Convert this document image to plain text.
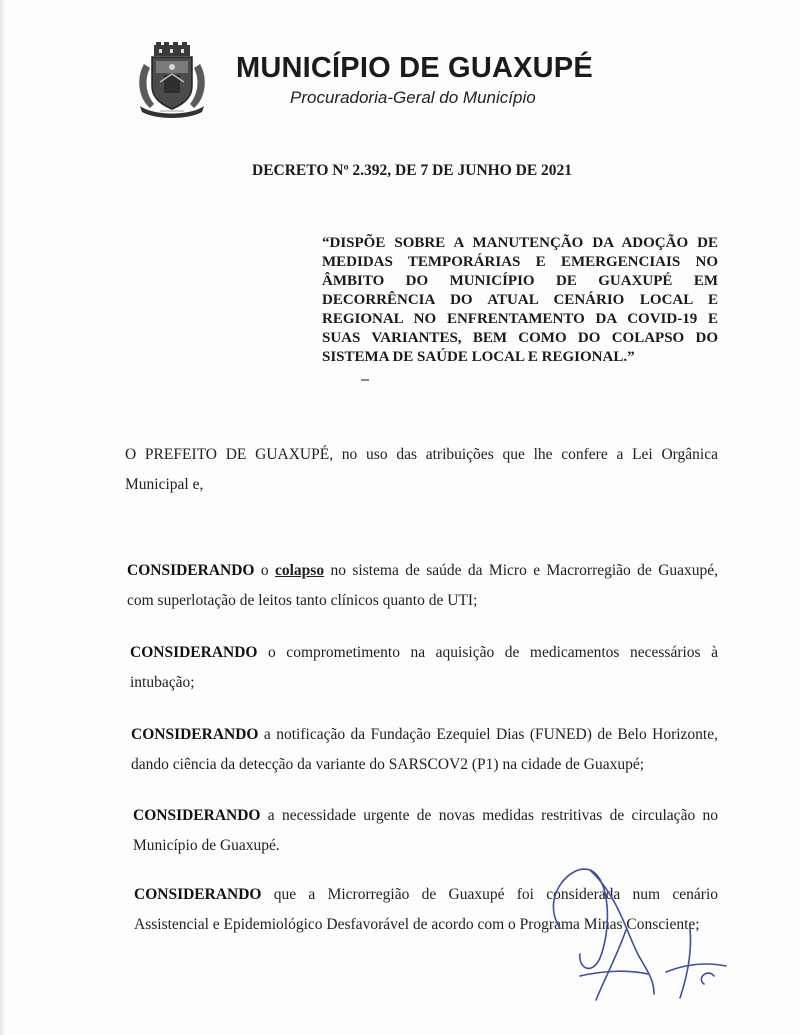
MUNICÍPIO DE GUAXUPÉ
Procuradoria-Geral do Município
DECRETO Nº 2.392, DE 7 DE JUNHO DE 2021
“DISPÕE SOBRE A MANUTENÇÃO DA ADOÇÃO DE MEDIDAS TEMPORÁRIAS E EMERGENCIAIS NO ÂMBITO DO MUNICÍPIO DE GUAXUPÉ EM DECORRÊNCIA DO ATUAL CENÁRIO LOCAL E REGIONAL NO ENFRENTAMENTO DA COVID-19 E SUAS VARIANTES, BEM COMO DO COLAPSO DO SISTEMA DE SAÚDE LOCAL E REGIONAL.”
O PREFEITO DE GUAXUPÉ, no uso das atribuições que lhe confere a Lei Orgânica Municipal e,
CONSIDERANDO o colapso no sistema de saúde da Micro e Macrorregião de Guaxupé, com superlotação de leitos tanto clínicos quanto de UTI;
CONSIDERANDO o comprometimento na aquisição de medicamentos necessários à intubação;
CONSIDERANDO a notificação da Fundação Ezequiel Dias (FUNED) de Belo Horizonte, dando ciência da detecção da variante do SARSCOV2 (P1) na cidade de Guaxupé;
CONSIDERANDO a necessidade urgente de novas medidas restritivas de circulação no Município de Guaxupé.
CONSIDERANDO que a Microrregião de Guaxupé foi considerada num cenário Assistencial e Epidemiológico Desfavorável de acordo com o Programa Minas Consciente;
